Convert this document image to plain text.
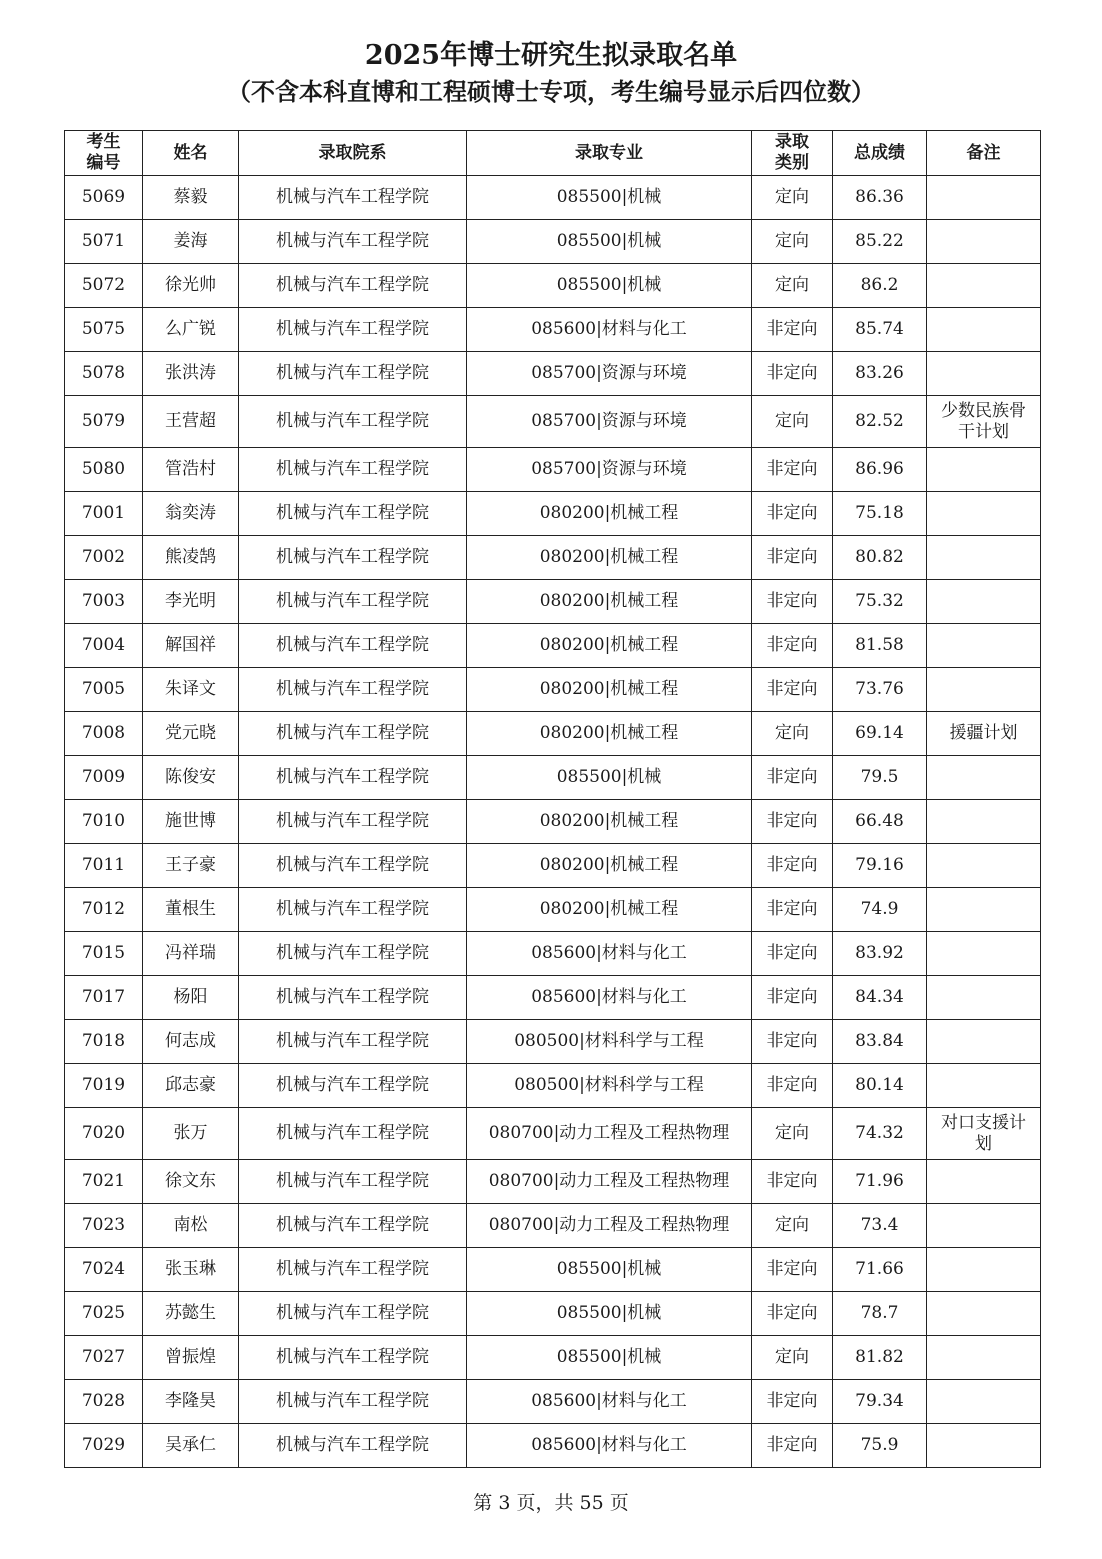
2025年博士研究生拟录取名单
（不含本科直博和工程硕博士专项，考生编号显示后四位数）
考生编号	姓名	录取院系	录取专业	录取类别	总成绩	备注
5069	蔡毅	机械与汽车工程学院	085500|机械	定向	86.36	
5071	姜海	机械与汽车工程学院	085500|机械	定向	85.22	
5072	徐光帅	机械与汽车工程学院	085500|机械	定向	86.2	
5075	么广锐	机械与汽车工程学院	085600|材料与化工	非定向	85.74	
5078	张洪涛	机械与汽车工程学院	085700|资源与环境	非定向	83.26	
5079	王营超	机械与汽车工程学院	085700|资源与环境	定向	82.52	少数民族骨干计划
5080	管浩村	机械与汽车工程学院	085700|资源与环境	非定向	86.96	
7001	翁奕涛	机械与汽车工程学院	080200|机械工程	非定向	75.18	
7002	熊凌鹄	机械与汽车工程学院	080200|机械工程	非定向	80.82	
7003	李光明	机械与汽车工程学院	080200|机械工程	非定向	75.32	
7004	解国祥	机械与汽车工程学院	080200|机械工程	非定向	81.58	
7005	朱译文	机械与汽车工程学院	080200|机械工程	非定向	73.76	
7008	党元晓	机械与汽车工程学院	080200|机械工程	定向	69.14	援疆计划
7009	陈俊安	机械与汽车工程学院	085500|机械	非定向	79.5	
7010	施世博	机械与汽车工程学院	080200|机械工程	非定向	66.48	
7011	王子豪	机械与汽车工程学院	080200|机械工程	非定向	79.16	
7012	董根生	机械与汽车工程学院	080200|机械工程	非定向	74.9	
7015	冯祥瑞	机械与汽车工程学院	085600|材料与化工	非定向	83.92	
7017	杨阳	机械与汽车工程学院	085600|材料与化工	非定向	84.34	
7018	何志成	机械与汽车工程学院	080500|材料科学与工程	非定向	83.84	
7019	邱志豪	机械与汽车工程学院	080500|材料科学与工程	非定向	80.14	
7020	张万	机械与汽车工程学院	080700|动力工程及工程热物理	定向	74.32	对口支援计划
7021	徐文东	机械与汽车工程学院	080700|动力工程及工程热物理	非定向	71.96	
7023	南松	机械与汽车工程学院	080700|动力工程及工程热物理	定向	73.4	
7024	张玉琳	机械与汽车工程学院	085500|机械	非定向	71.66	
7025	苏懿生	机械与汽车工程学院	085500|机械	非定向	78.7	
7027	曾振煌	机械与汽车工程学院	085500|机械	定向	81.82	
7028	李隆昊	机械与汽车工程学院	085600|材料与化工	非定向	79.34	
7029	吴承仁	机械与汽车工程学院	085600|材料与化工	非定向	75.9	
第 3 页，共 55 页
